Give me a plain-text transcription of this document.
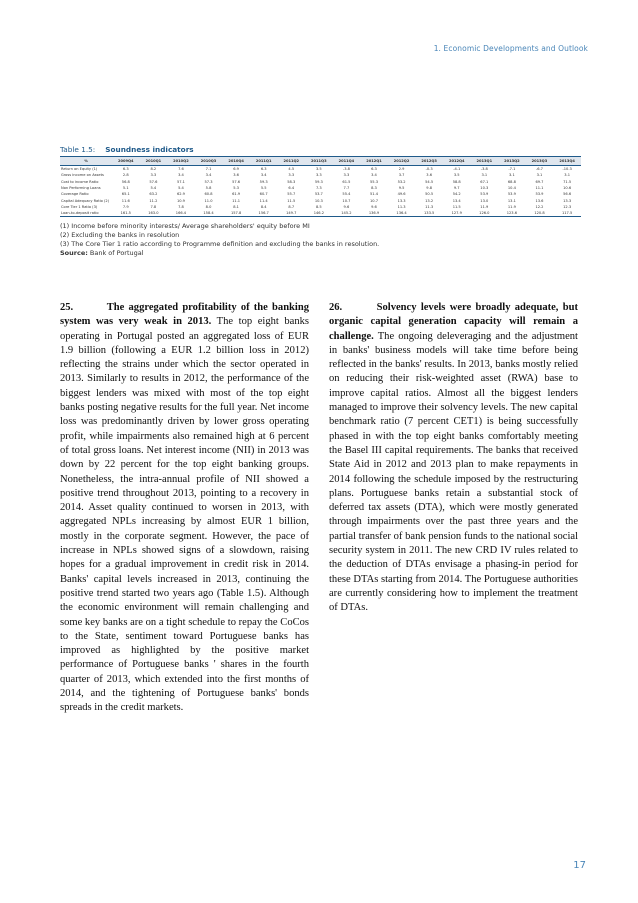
1. Economic Developments and Outlook
Table 1.5: Soundness indicators
%	2009Q4	2010Q1	2010Q2	2010Q3	2010Q4	2011Q1	2011Q2	2011Q3	2011Q4	2012Q1	2012Q2	2012Q3	2012Q4	2013Q1	2013Q2	2013Q3	2013Q4
Return on Equity (1)	6.3	8.2	7.6	7.1	6.9	6.3	4.5	3.5	-3.8	6.3	2.9	-0.3	-4.1	-3.8	-7.1	-6.7	-10.3
Gross income on Assets	2.8	3.3	3.4	3.4	3.6	3.4	3.3	3.3	3.3	3.4	3.7	3.6	3.5	3.1	3.1	3.1	3.1
Cost to income Ratio	56.8	57.6	57.1	57.3	57.6	59.3	58.3	59.3	61.5	55.3	53.2	54.5	58.8	67.1	68.8	69.7	71.5
Non Performing Loans	5.1	5.4	5.4	5.8	5.3	5.5	6.4	7.3	7.7	8.3	9.5	9.8	9.7	10.3	10.4	11.1	10.6
Coverage Ratio	65.1	63.2	62.9	60.8	61.9	60.7	55.7	53.7	55.4	51.4	49.6	50.5	54.2	53.9	53.9	53.9	56.6
Capital Adequacy Ratio (2)	11.6	11.2	10.9	11.0	11.1	11.4	11.5	10.3	10.7	10.7	13.3	13.2	13.4	13.0	13.1	13.6	13.3
Core Tier 1 Ratio (3)	7.9	7.8	7.8	8.0	8.1	8.4	8.7	8.5	9.6	9.6	11.3	11.3	11.5	11.9	11.9	12.2	12.3
Loan-to-deposit ratio	161.5	163.0	166.4	158.4	157.8	156.7	149.7	146.2	145.2	136.9	136.4	133.5	127.9	126.0	123.6	120.8	117.5
(1) Income before minority interests/ Average shareholders' equity before MI
(2) Excluding the banks in resolution
(3) The Core Tier 1 ratio according to Programme definition and excluding the banks in resolution.
Source: Bank of Portugal

25.        The aggregated profitability of the banking system was very weak in 2013. The top eight banks operating in Portugal posted an aggregated loss of EUR 1.9 billion (following a EUR 1.2 billion loss in 2012) reflecting the strains under which the sector operated in 2013. Similarly to results in 2012, the performance of the biggest lenders was mixed with most of the top eight banks posting negative results for the full year. Net income loss was predominantly driven by lower gross operating profit, while impairments also remained high at 6 percent of total gross loans. Net interest income (NII) in 2013 was down by 22 percent for the top eight banking groups. Nonetheless, the intra-annual profile of NII showed a positive trend throughout 2013, pointing to a recovery in 2014. Asset quality continued to worsen in 2013, with aggregated NPLs increasing by almost EUR 1 billion, mostly in the corporate segment. However, the pace of increase in NPLs showed signs of a slowdown, raising hopes for a gradual improvement in credit risk in 2014. Banks' capital levels increased in 2013, continuing the positive trend started two years ago (Table 1.5). Although the economic environment will remain challenging and some key banks are on a tight schedule to repay the CoCos to the State, sentiment toward Portuguese banks has improved as highlighted by the positive market performance of Portuguese banks ' shares in the fourth quarter of 2013, which extended into the first months of 2014, and the tightening of Portuguese banks' bonds spreads in the credit markets.

26.        Solvency levels were broadly adequate, but organic capital generation capacity will remain a challenge. The ongoing deleveraging and the adjustment in banks' business models will take time before being reflected in the banks' results. In 2013, banks mostly relied on reducing their risk-weighted asset (RWA) base to improve capital ratios. Almost all the biggest lenders managed to improve their solvency levels. The new capital benchmark ratio (7 percent CET1) is being successfully phased in with the top eight banks comfortably meeting the Basel III capital requirements. The banks that received State Aid in 2012 and 2013 plan to make repayments in 2014 following the schedule imposed by the restructuring plans. Portuguese banks retain a substantial stock of deferred tax assets (DTA), which were mostly generated through impairments over the past three years and the partial transfer of bank pension funds to the national social security system in 2011. The new CRD IV rules related to the deduction of DTAs envisage a phasing-in period for these DTAs starting from 2014. The Portuguese authorities are currently considering how to implement the treatment of DTAs.

17
